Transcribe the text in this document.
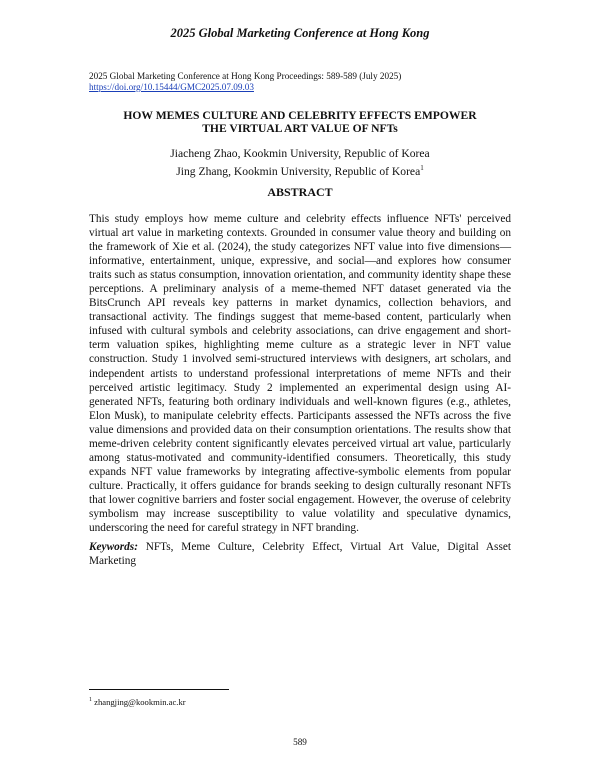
2025 Global Marketing Conference at Hong Kong
2025 Global Marketing Conference at Hong Kong Proceedings: 589-589 (July 2025)
https://doi.org/10.15444/GMC2025.07.09.03
HOW MEMES CULTURE AND CELEBRITY EFFECTS EMPOWER
THE VIRTUAL ART VALUE OF NFTs
Jiacheng Zhao, Kookmin University, Republic of Korea
Jing Zhang, Kookmin University, Republic of Korea$^1$
ABSTRACT
This study employs how meme culture and celebrity effects influence NFTs' perceived virtual art value in marketing contexts. Grounded in consumer value theory and building on the framework of Xie et al. (2024), the study categorizes NFT value into five dimensions—informative, entertainment, unique, expressive, and social—and explores how consumer traits such as status consumption, innovation orientation, and community identity shape these perceptions. A preliminary analysis of a meme-themed NFT dataset generated via the BitsCrunch API reveals key patterns in market dynamics, collection behaviors, and transactional activity. The findings suggest that meme-based content, particularly when infused with cultural symbols and celebrity associations, can drive engagement and short-term valuation spikes, highlighting meme culture as a strategic lever in NFT value construction. Study 1 involved semi-structured interviews with designers, art scholars, and independent artists to understand professional interpretations of meme NFTs and their perceived artistic legitimacy. Study 2 implemented an experimental design using AI-generated NFTs, featuring both ordinary individuals and well-known figures (e.g., athletes, Elon Musk), to manipulate celebrity effects. Participants assessed the NFTs across the five value dimensions and provided data on their consumption orientations. The results show that meme-driven celebrity content significantly elevates perceived virtual art value, particularly among status-motivated and community-identified consumers. Theoretically, this study expands NFT value frameworks by integrating affective-symbolic elements from popular culture. Practically, it offers guidance for brands seeking to design culturally resonant NFTs that lower cognitive barriers and foster social engagement. However, the overuse of celebrity symbolism may increase susceptibility to value volatility and speculative dynamics, underscoring the need for careful strategy in NFT branding.
Keywords: NFTs, Meme Culture, Celebrity Effect, Virtual Art Value, Digital Asset Marketing
$^1$ zhangjing@kookmin.ac.kr
589
